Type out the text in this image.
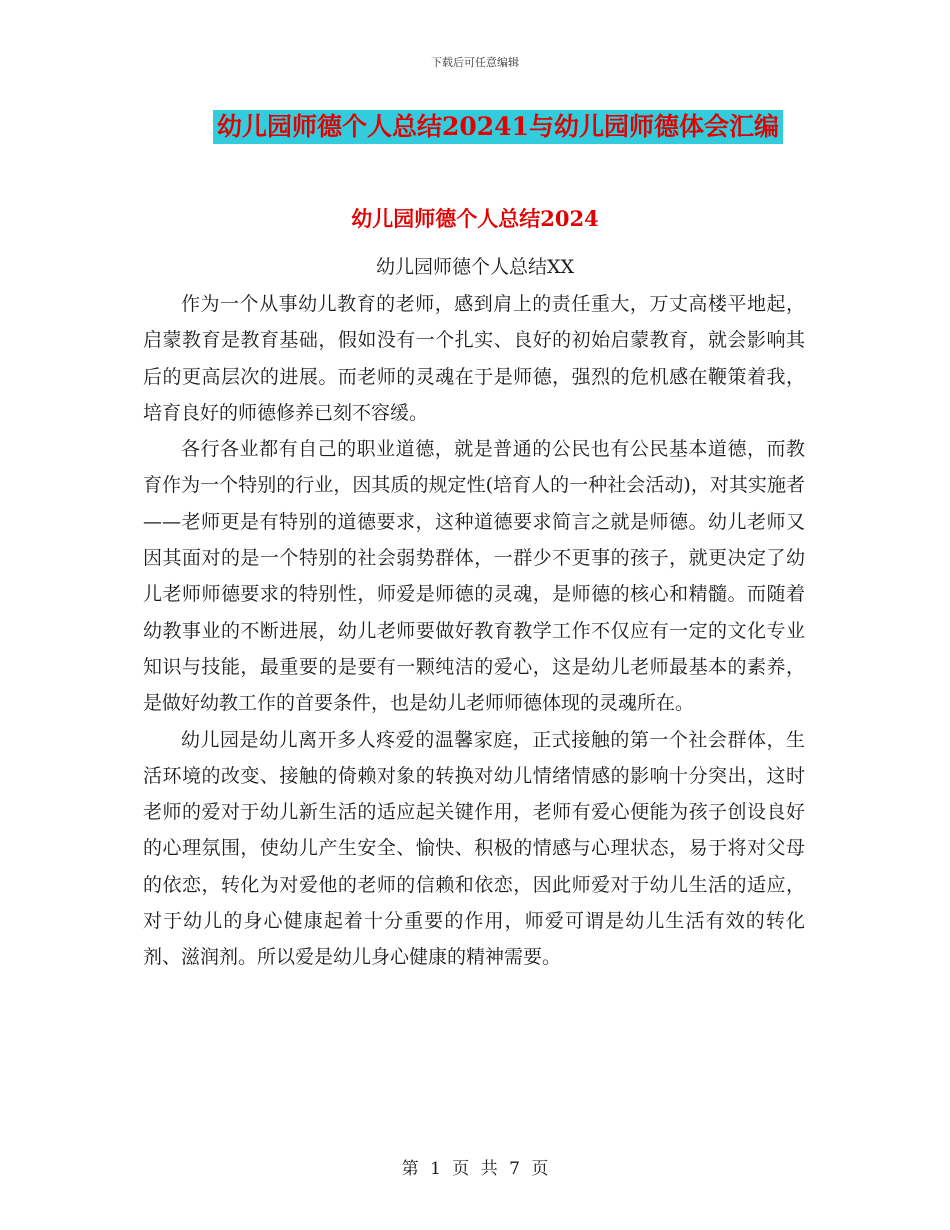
下载后可任意编辑
幼儿园师德个人总结20241与幼儿园师德体会汇编
幼儿园师德个人总结2024
幼儿园师德个人总结XX

作为一个从事幼儿教育的老师，感到肩上的责任重大，万丈高楼平地起，启蒙教育是教育基础，假如没有一个扎实、良好的初始启蒙教育，就会影响其后的更高层次的进展。而老师的灵魂在于是师德，强烈的危机感在鞭策着我，培育良好的师德修养已刻不容缓。

各行各业都有自己的职业道德，就是普通的公民也有公民基本道德，而教育作为一个特别的行业，因其质的规定性(培育人的一种社会活动)，对其实施者——老师更是有特别的道德要求，这种道德要求简言之就是师德。幼儿老师又因其面对的是一个特别的社会弱势群体，一群少不更事的孩子，就更决定了幼儿老师师德要求的特别性，师爱是师德的灵魂，是师德的核心和精髓。而随着幼教事业的不断进展，幼儿老师要做好教育教学工作不仅应有一定的文化专业知识与技能，最重要的是要有一颗纯洁的爱心，这是幼儿老师最基本的素养，是做好幼教工作的首要条件，也是幼儿老师师德体现的灵魂所在。

幼儿园是幼儿离开多人疼爱的温馨家庭，正式接触的第一个社会群体，生活环境的改变、接触的倚赖对象的转换对幼儿情绪情感的影响十分突出，这时老师的爱对于幼儿新生活的适应起关键作用，老师有爱心便能为孩子创设良好的心理氛围，使幼儿产生安全、愉快、积极的情感与心理状态，易于将对父母的依恋，转化为对爱他的老师的信赖和依恋，因此师爱对于幼儿生活的适应，对于幼儿的身心健康起着十分重要的作用，师爱可谓是幼儿生活有效的转化剂、滋润剂。所以爱是幼儿身心健康的精神需要。

第 1 页 共 7 页
